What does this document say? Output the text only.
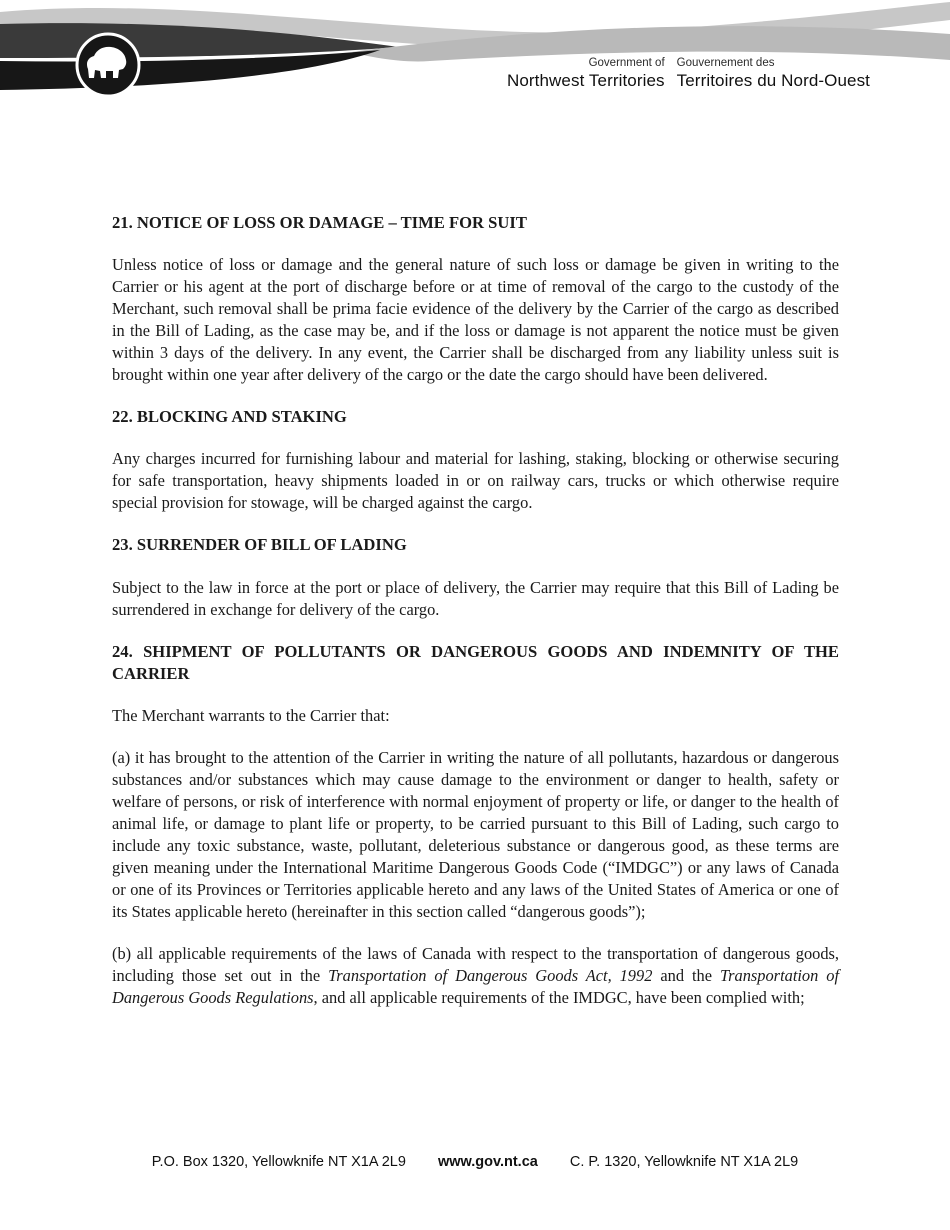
Government of
Northwest Territories
Gouvernement des
Territoires du Nord-Ouest
21. NOTICE OF LOSS OR DAMAGE – TIME FOR SUIT

Unless notice of loss or damage and the general nature of such loss or damage be given in writing to the Carrier or his agent at the port of discharge before or at time of removal of the cargo to the custody of the Merchant, such removal shall be prima facie evidence of the delivery by the Carrier of the cargo as described in the Bill of Lading, as the case may be, and if the loss or damage is not apparent the notice must be given within 3 days of the delivery. In any event, the Carrier shall be discharged from any liability unless suit is brought within one year after delivery of the cargo or the date the cargo should have been delivered.

22. BLOCKING AND STAKING

Any charges incurred for furnishing labour and material for lashing, staking, blocking or otherwise securing for safe transportation, heavy shipments loaded in or on railway cars, trucks or which otherwise require special provision for stowage, will be charged against the cargo.

23. SURRENDER OF BILL OF LADING

Subject to the law in force at the port or place of delivery, the Carrier may require that this Bill of Lading be surrendered in exchange for delivery of the cargo.

24. SHIPMENT OF POLLUTANTS OR DANGEROUS GOODS AND INDEMNITY OF THE CARRIER

The Merchant warrants to the Carrier that:

(a) it has brought to the attention of the Carrier in writing the nature of all pollutants, hazardous or dangerous substances and/or substances which may cause damage to the environment or danger to health, safety or welfare of persons, or risk of interference with normal enjoyment of property or life, or danger to the health of animal life, or damage to plant life or property, to be carried pursuant to this Bill of Lading, such cargo to include any toxic substance, waste, pollutant, deleterious substance or dangerous good, as these terms are given meaning under the International Maritime Dangerous Goods Code (“IMDGC”) or any laws of Canada or one of its Provinces or Territories applicable hereto and any laws of the United States of America or one of its States applicable hereto (hereinafter in this section called “dangerous goods”);

(b) all applicable requirements of the laws of Canada with respect to the transportation of dangerous goods, including those set out in the Transportation of Dangerous Goods Act, 1992 and the Transportation of Dangerous Goods Regulations, and all applicable requirements of the IMDGC, have been complied with;

P.O. Box 1320, Yellowknife NT X1A 2L9 www.gov.nt.ca C. P. 1320, Yellowknife NT X1A 2L9
